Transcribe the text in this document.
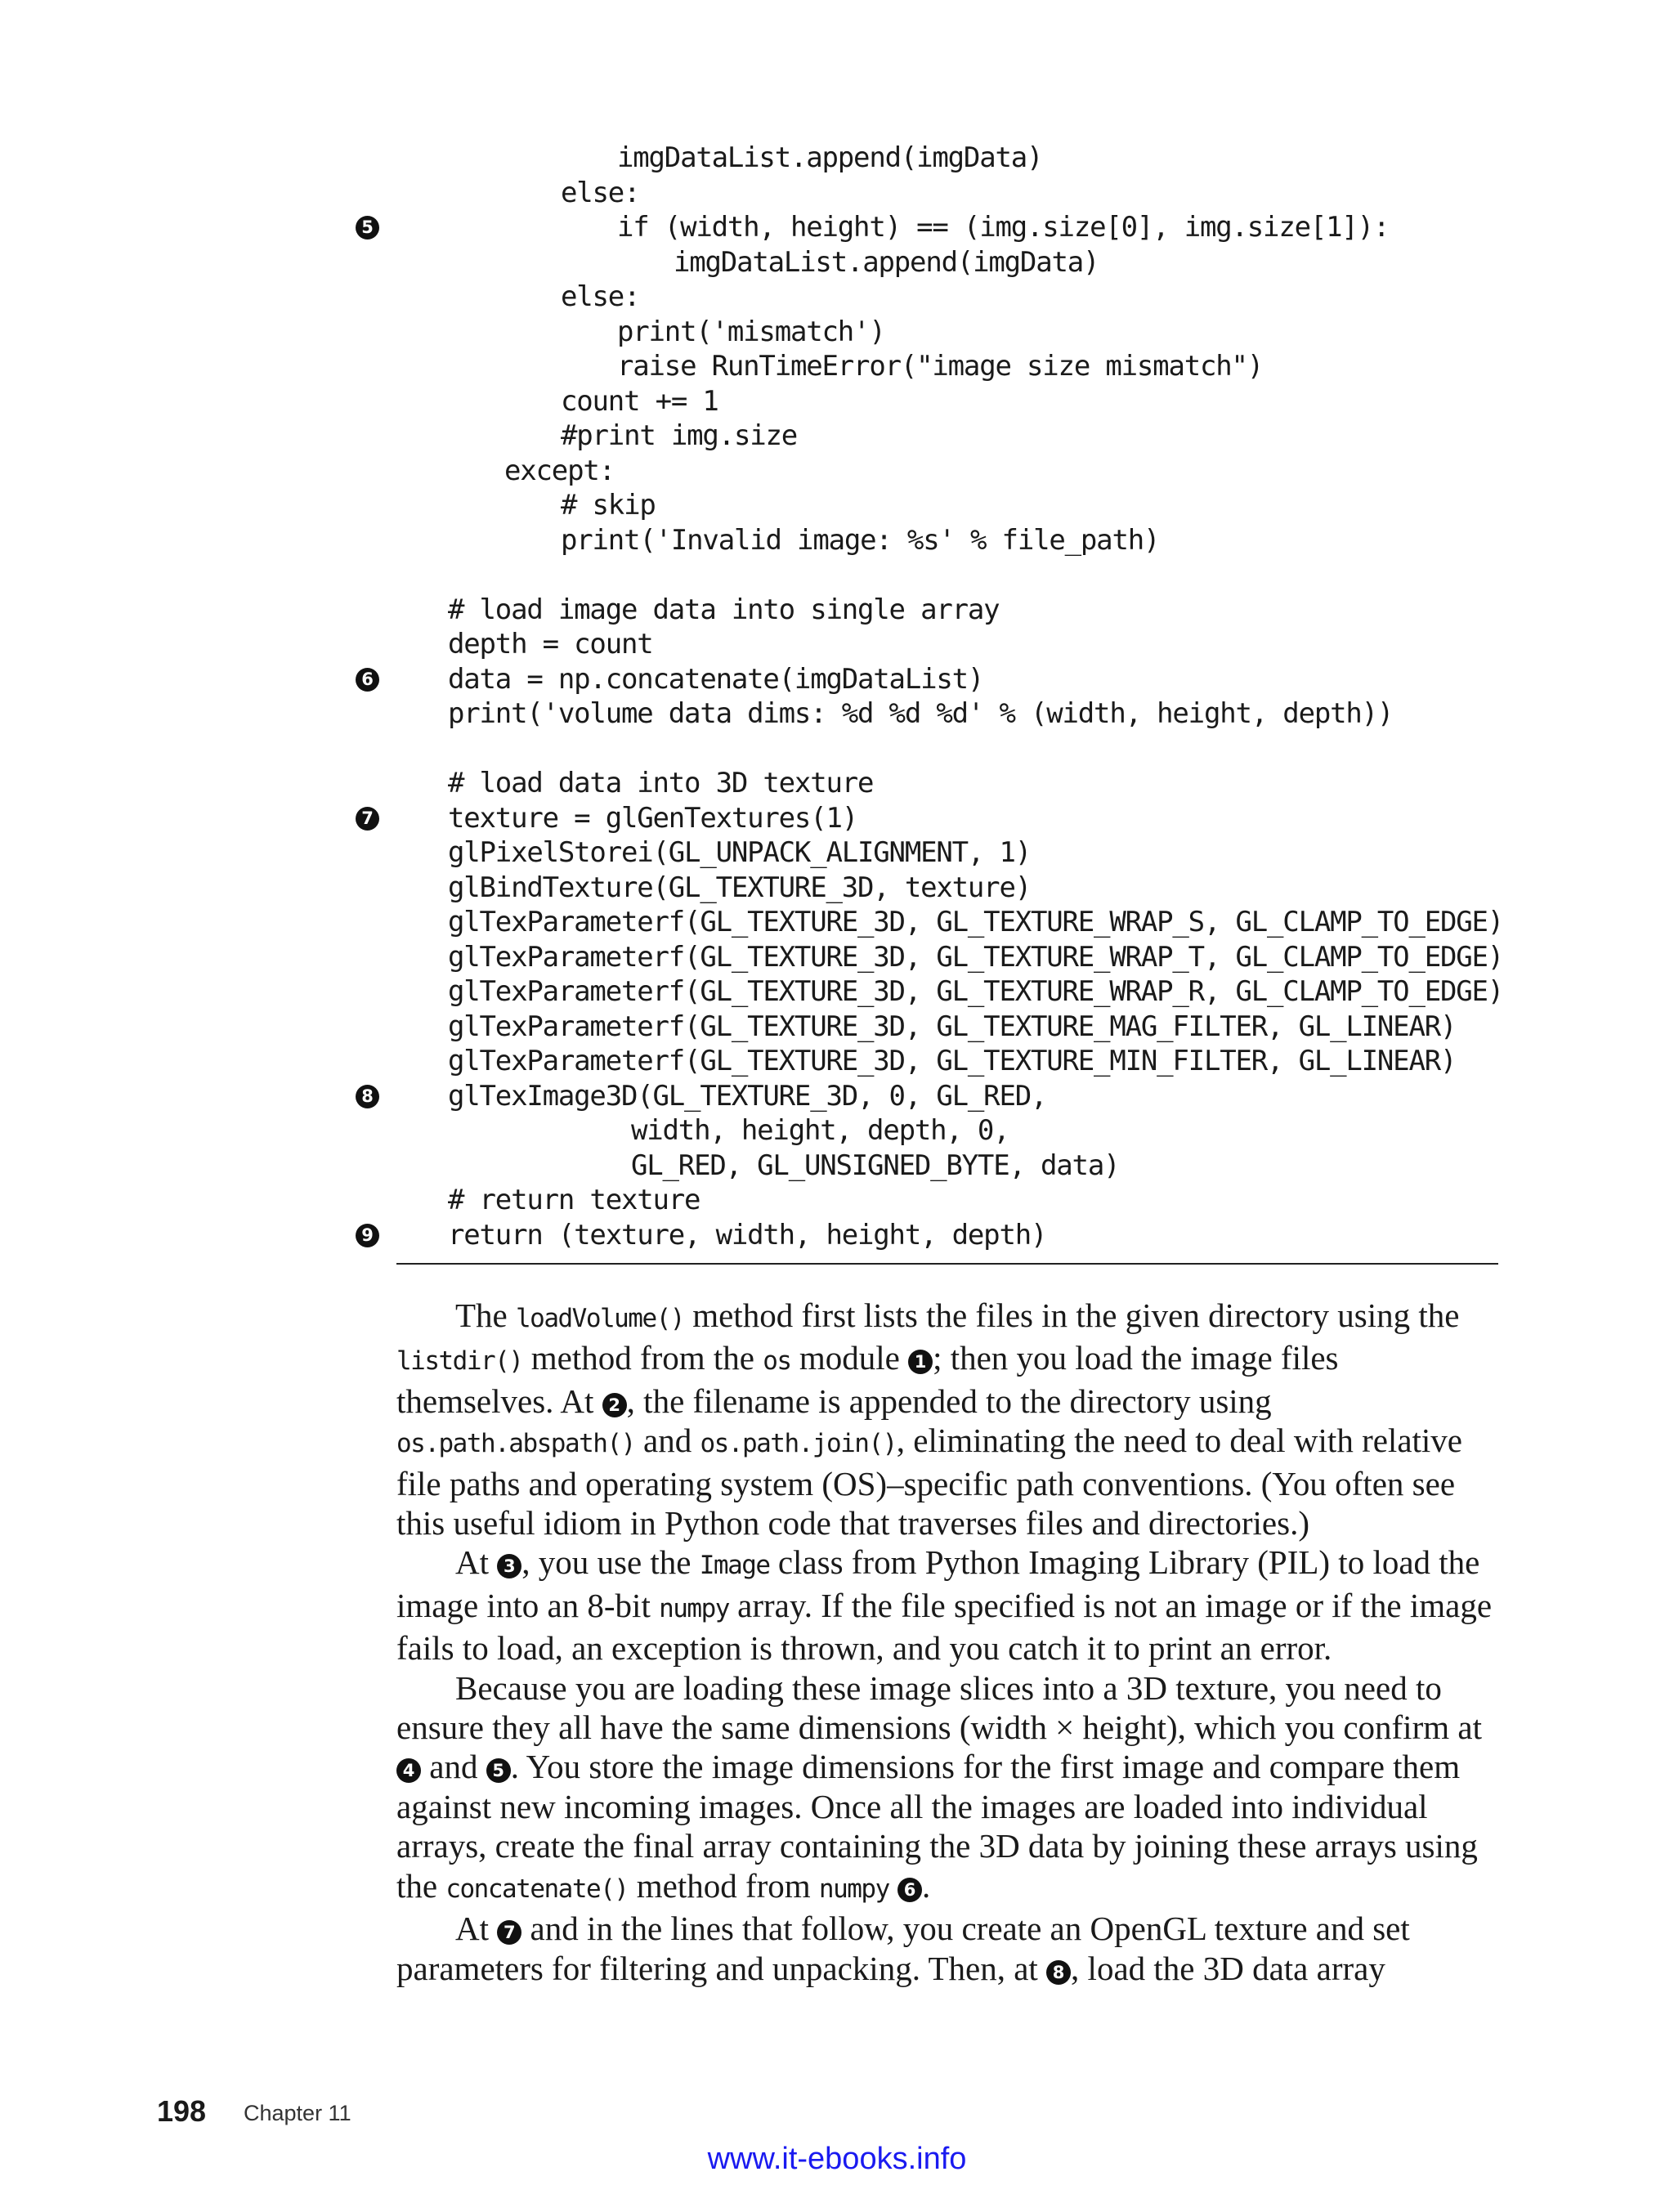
imgDataList.append(imgData)
else:
5	if (width, height) == (img.size[0], img.size[1]):
imgDataList.append(imgData)
else:
print('mismatch')
raise RunTimeError("image size mismatch")
count += 1
#print img.size
except:
# skip
print('Invalid image: %s' % file_path)
# load image data into single array
depth = count
6	data = np.concatenate(imgDataList)
print('volume data dims: %d %d %d' % (width, height, depth))
# load data into 3D texture
7	texture = glGenTextures(1)
glPixelStorei(GL_UNPACK_ALIGNMENT, 1)
glBindTexture(GL_TEXTURE_3D, texture)
glTexParameterf(GL_TEXTURE_3D, GL_TEXTURE_WRAP_S, GL_CLAMP_TO_EDGE)
glTexParameterf(GL_TEXTURE_3D, GL_TEXTURE_WRAP_T, GL_CLAMP_TO_EDGE)
glTexParameterf(GL_TEXTURE_3D, GL_TEXTURE_WRAP_R, GL_CLAMP_TO_EDGE)
glTexParameterf(GL_TEXTURE_3D, GL_TEXTURE_MAG_FILTER, GL_LINEAR)
glTexParameterf(GL_TEXTURE_3D, GL_TEXTURE_MIN_FILTER, GL_LINEAR)
8	glTexImage3D(GL_TEXTURE_3D, 0, GL_RED,
width, height, depth, 0,
GL_RED, GL_UNSIGNED_BYTE, data)
# return texture
9	return (texture, width, height, depth)

The loadVolume() method first lists the files in the given directory using the listdir() method from the os module 1 ; then you load the image files themselves. At 2 , the filename is appended to the directory using os.path.abspath() and os.path.join(), eliminating the need to deal with relative file paths and operating system (OS)–specific path conventions. (You often see this useful idiom in Python code that traverses files and directories.)

At 3 , you use the Image class from Python Imaging Library (PIL) to load the image into an 8-bit numpy array. If the file specified is not an image or if the image fails to load, an exception is thrown, and you catch it to print an error.

Because you are loading these image slices into a 3D texture, you need to ensure they all have the same dimensions (width × height), which you confirm at 4 and 5 . You store the image dimensions for the first image and compare them against new incoming images. Once all the images are loaded into individual arrays, create the final array containing the 3D data by joining these arrays using the concatenate() method from numpy 6 .

At 7 and in the lines that follow, you create an OpenGL texture and set parameters for filtering and unpacking. Then, at 8 , load the 3D data array

198 Chapter 11
www.it-ebooks.info
